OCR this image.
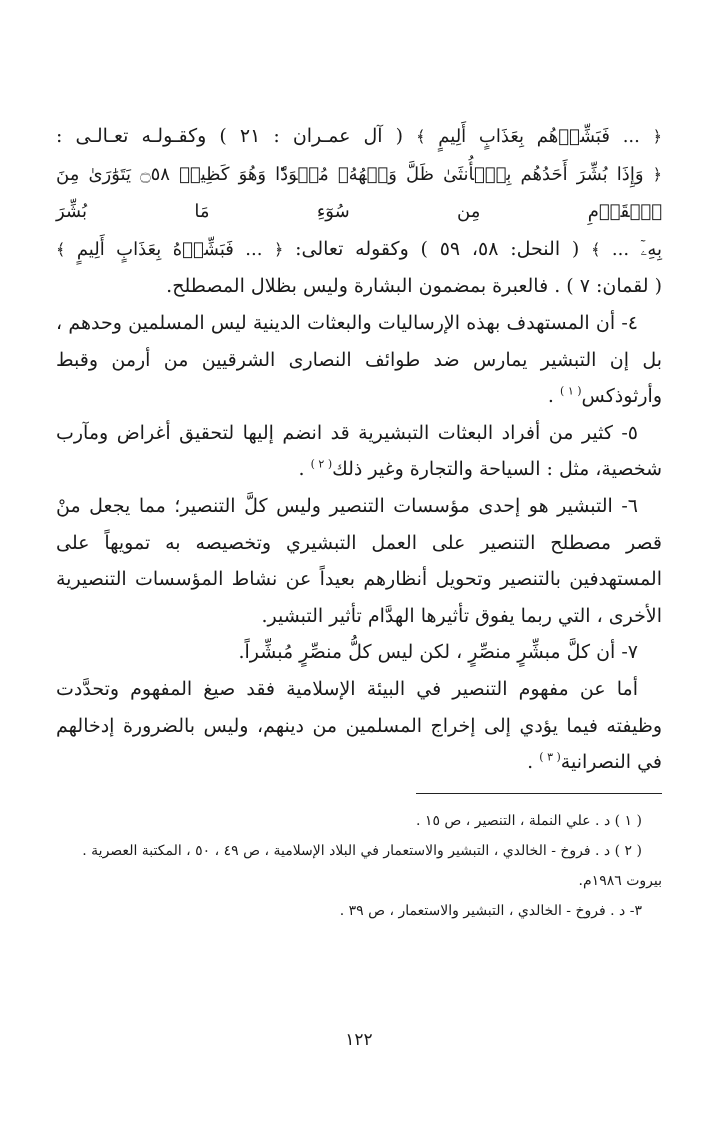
﴿ ... فَبَشِّرۡهُم بِعَذَابٍ أَلِيمٍ ﴾ ( آل عمـران : ٢١ ) وكقـولـه تعـالـى :
﴿ وَإِذَا بُشِّرَ أَحَدُهُم بِٱلۡأُنثَىٰ ظَلَّ وَجۡهُهُۥ مُسۡوَدّٗا وَهُوَ كَظِيمٞ ۝٥٨ يَتَوَٰرَىٰ مِنَ ٱلۡقَوۡمِ مِن سُوٓءِ مَا بُشِّرَ
بِهِۦٓ ... ﴾ ( النحل: ٥٨، ٥٩ ) وكقوله تعالى: ﴿ ... فَبَشِّرۡهُ بِعَذَابٍ أَلِيمٍ ﴾
( لقمان: ٧ ) . فالعبرة بمضمون البشارة وليس بظلال المصطلح.

٤- أن المستهدف بهذه الإرساليات والبعثات الدينية ليس المسلمين وحدهم ، بل إن التبشير يمارس ضد طوائف النصارى الشرقيين من أرمن وقبط وأرثوذكس$^{( ١ )}$ .

٥- كثير من أفراد البعثات التبشيرية قد انضم إليها لتحقيق أغراض ومآرب شخصية، مثل : السياحة والتجارة وغير ذلك$^{( ٢ )}$ .

٦- التبشير هو إحدى مؤسسات التنصير وليس كلَّ التنصير؛ مما يجعل منْ قصر مصطلح التنصير على العمل التبشيري وتخصيصه به تمويهاً على المستهدفين بالتنصير وتحويل أنظارهم بعيداً عن نشاط المؤسسات التنصيرية الأخرى ، التي ربما يفوق تأثيرها الهدَّام تأثير التبشير.

٧- أن كلَّ مبشِّرٍ منصِّرٍ ، لكن ليس كلُّ منصِّرٍ مُبشِّراً.

أما عن مفهوم التنصير في البيئة الإسلامية فقد صيغ المفهوم وتحدَّدت وظيفته فيما يؤدي إلى إخراج المسلمين من دينهم، وليس بالضرورة إدخالهم في النصرانية$^{( ٣ )}$ .

( ١ ) د . علي النملة ، التنصير ، ص ١٥ .
( ٢ ) د . فروخ - الخالدي ، التبشير والاستعمار في البلاد الإسلامية ، ص ٤٩ ، ٥٠ ، المكتبة العصرية . بيروت ١٩٨٦م.
٣- د . فروخ - الخالدي ، التبشير والاستعمار ، ص ٣٩ .
١٢٢
